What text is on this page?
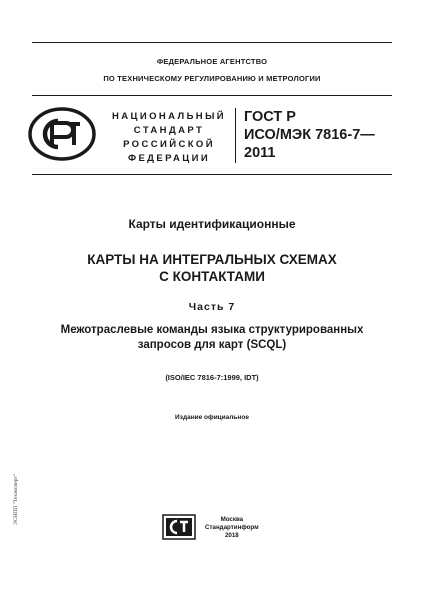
ФЕДЕРАЛЬНОЕ АГЕНТСТВО
ПО ТЕХНИЧЕСКОМУ РЕГУЛИРОВАНИЮ И МЕТРОЛОГИИ
НАЦИОНАЛЬНЫЙ
СТАНДАРТ
РОССИЙСКОЙ
ФЕДЕРАЦИИ
ГОСТ Р
ИСО/МЭК 7816-7—
2011
Карты идентификационные
КАРТЫ НА ИНТЕГРАЛЬНЫХ СХЕМАХ
С КОНТАКТАМИ
Часть 7
Межотраслевые команды языка структурированных
запросов для карт (SCQL)
(ISO/IEC 7816-7:1999, IDT)
Издание официальное
Москва
Стандартинформ
2018
ЭСНПП "Техэксперт"
